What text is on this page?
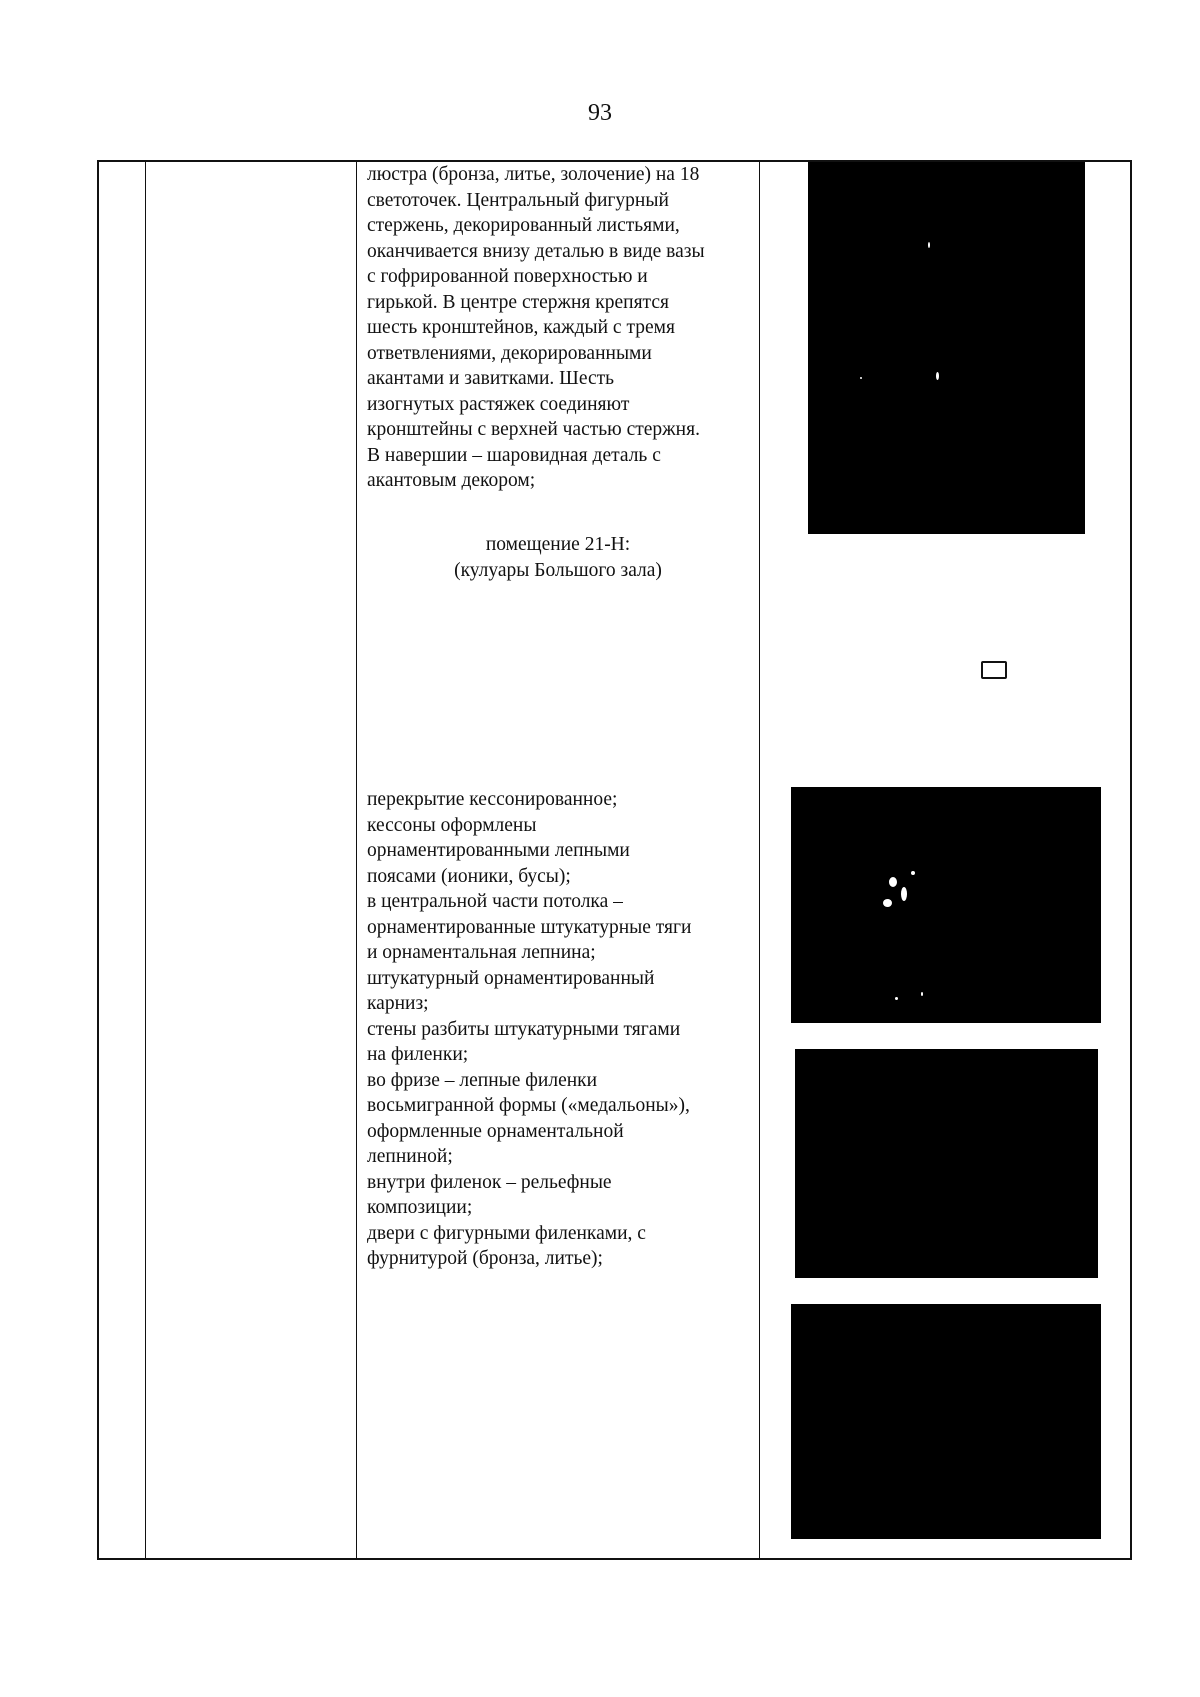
93

люстра (бронза, литье, золочение) на 18

светоточек. Центральный фигурный

стержень, декорированный листьями,

оканчивается внизу деталью в виде вазы

с гофрированной поверхностью и

гирькой. В центре стержня крепятся

шесть кронштейнов, каждый с тремя

ответвлениями, декорированными

акантами и завитками. Шесть

изогнутых растяжек соединяют

кронштейны с верхней частью стержня.

В навершии – шаровидная деталь с

акантовым декором;

помещение 21-Н:
(кулуары Большого зала)

перекрытие кессонированное;

кессоны оформлены

орнаментированными лепными

поясами (ионики, бусы);

в центральной части потолка –

орнаментированные штукатурные тяги

и орнаментальная лепнина;

штукатурный орнаментированный

карниз;

стены разбиты штукатурными тягами

на филенки;

во фризе – лепные филенки

восьмигранной формы («медальоны»),

оформленные орнаментальной

лепниной;

внутри филенок – рельефные

композиции;

двери с фигурными филенками, с

фурнитурой (бронза, литье);
